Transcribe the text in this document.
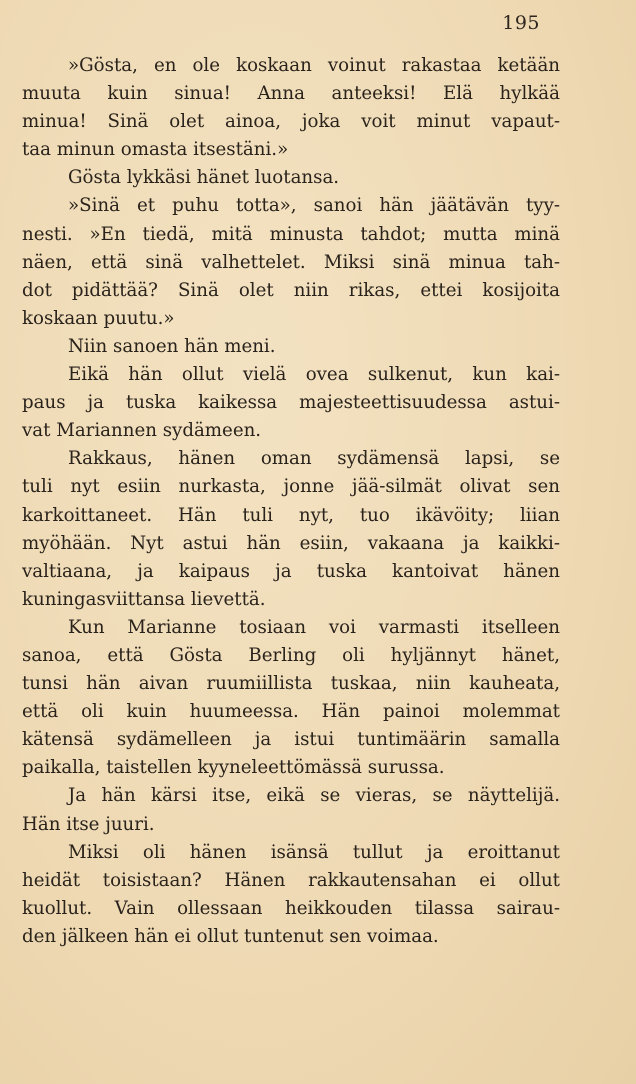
195
»Gösta, en ole koskaan voinut rakastaa ketään
muuta kuin sinua! Anna anteeksi! Elä hylkää
minua! Sinä olet ainoa, joka voit minut vapaut-
taa minun omasta itsestäni.»
Gösta lykkäsi hänet luotansa.
»Sinä et puhu totta», sanoi hän jäätävän tyy-
nesti. »En tiedä, mitä minusta tahdot; mutta minä
näen, että sinä valhettelet. Miksi sinä minua tah-
dot pidättää? Sinä olet niin rikas, ettei kosijoita
koskaan puutu.»
Niin sanoen hän meni.
Eikä hän ollut vielä ovea sulkenut, kun kai-
paus ja tuska kaikessa majesteettisuudessa astui-
vat Mariannen sydämeen.
Rakkaus, hänen oman sydämensä lapsi, se
tuli nyt esiin nurkasta, jonne jää-silmät olivat sen
karkoittaneet. Hän tuli nyt, tuo ikävöity; liian
myöhään. Nyt astui hän esiin, vakaana ja kaikki-
valtiaana, ja kaipaus ja tuska kantoivat hänen
kuningasviittansa lievettä.
Kun Marianne tosiaan voi varmasti itselleen
sanoa, että Gösta Berling oli hyljännyt hänet,
tunsi hän aivan ruumiillista tuskaa, niin kauheata,
että oli kuin huumeessa. Hän painoi molemmat
kätensä sydämelleen ja istui tuntimäärin samalla
paikalla, taistellen kyyneleettömässä surussa.
Ja hän kärsi itse, eikä se vieras, se näyttelijä.
Hän itse juuri.
Miksi oli hänen isänsä tullut ja eroittanut
heidät toisistaan? Hänen rakkautensahan ei ollut
kuollut. Vain ollessaan heikkouden tilassa sairau-
den jälkeen hän ei ollut tuntenut sen voimaa.
